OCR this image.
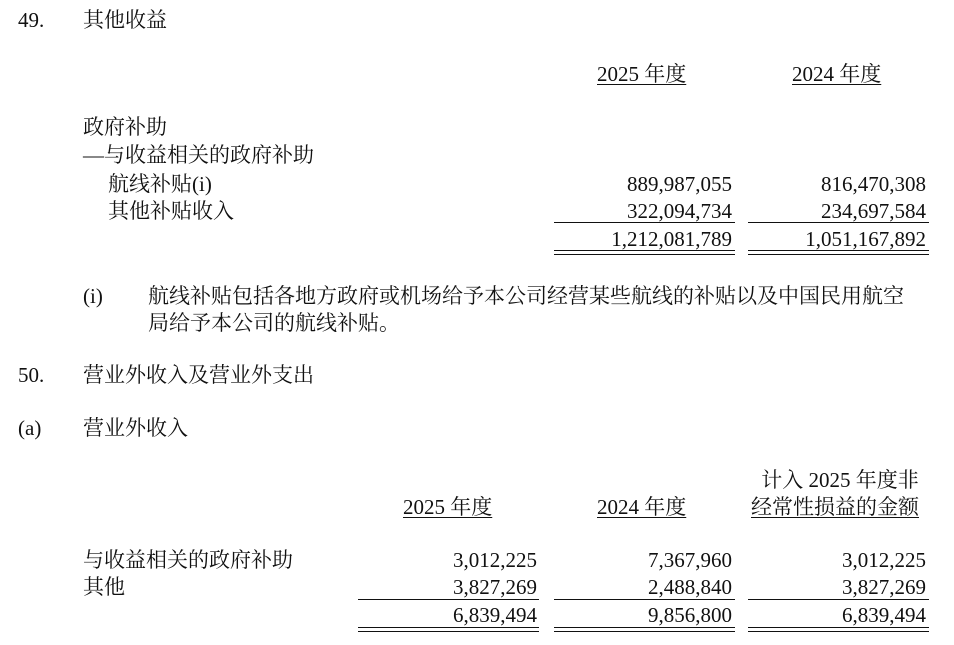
49. 其他收益
2025 年度	2024 年度
政府补助
—与收益相关的政府补助
航线补贴(i)	889,987,055	816,470,308
其他补贴收入	322,094,734	234,697,584
1,212,081,789	1,051,167,892
(i) 航线补贴包括各地方政府或机场给予本公司经营某些航线的补贴以及中国民用航空
局给予本公司的航线补贴。
50. 营业外收入及营业外支出
(a) 营业外收入
计入 2025 年度非
2025 年度	2024 年度	经常性损益的金额
与收益相关的政府补助	3,012,225	7,367,960	3,012,225
其他	3,827,269	2,488,840	3,827,269
6,839,494	9,856,800	6,839,494
